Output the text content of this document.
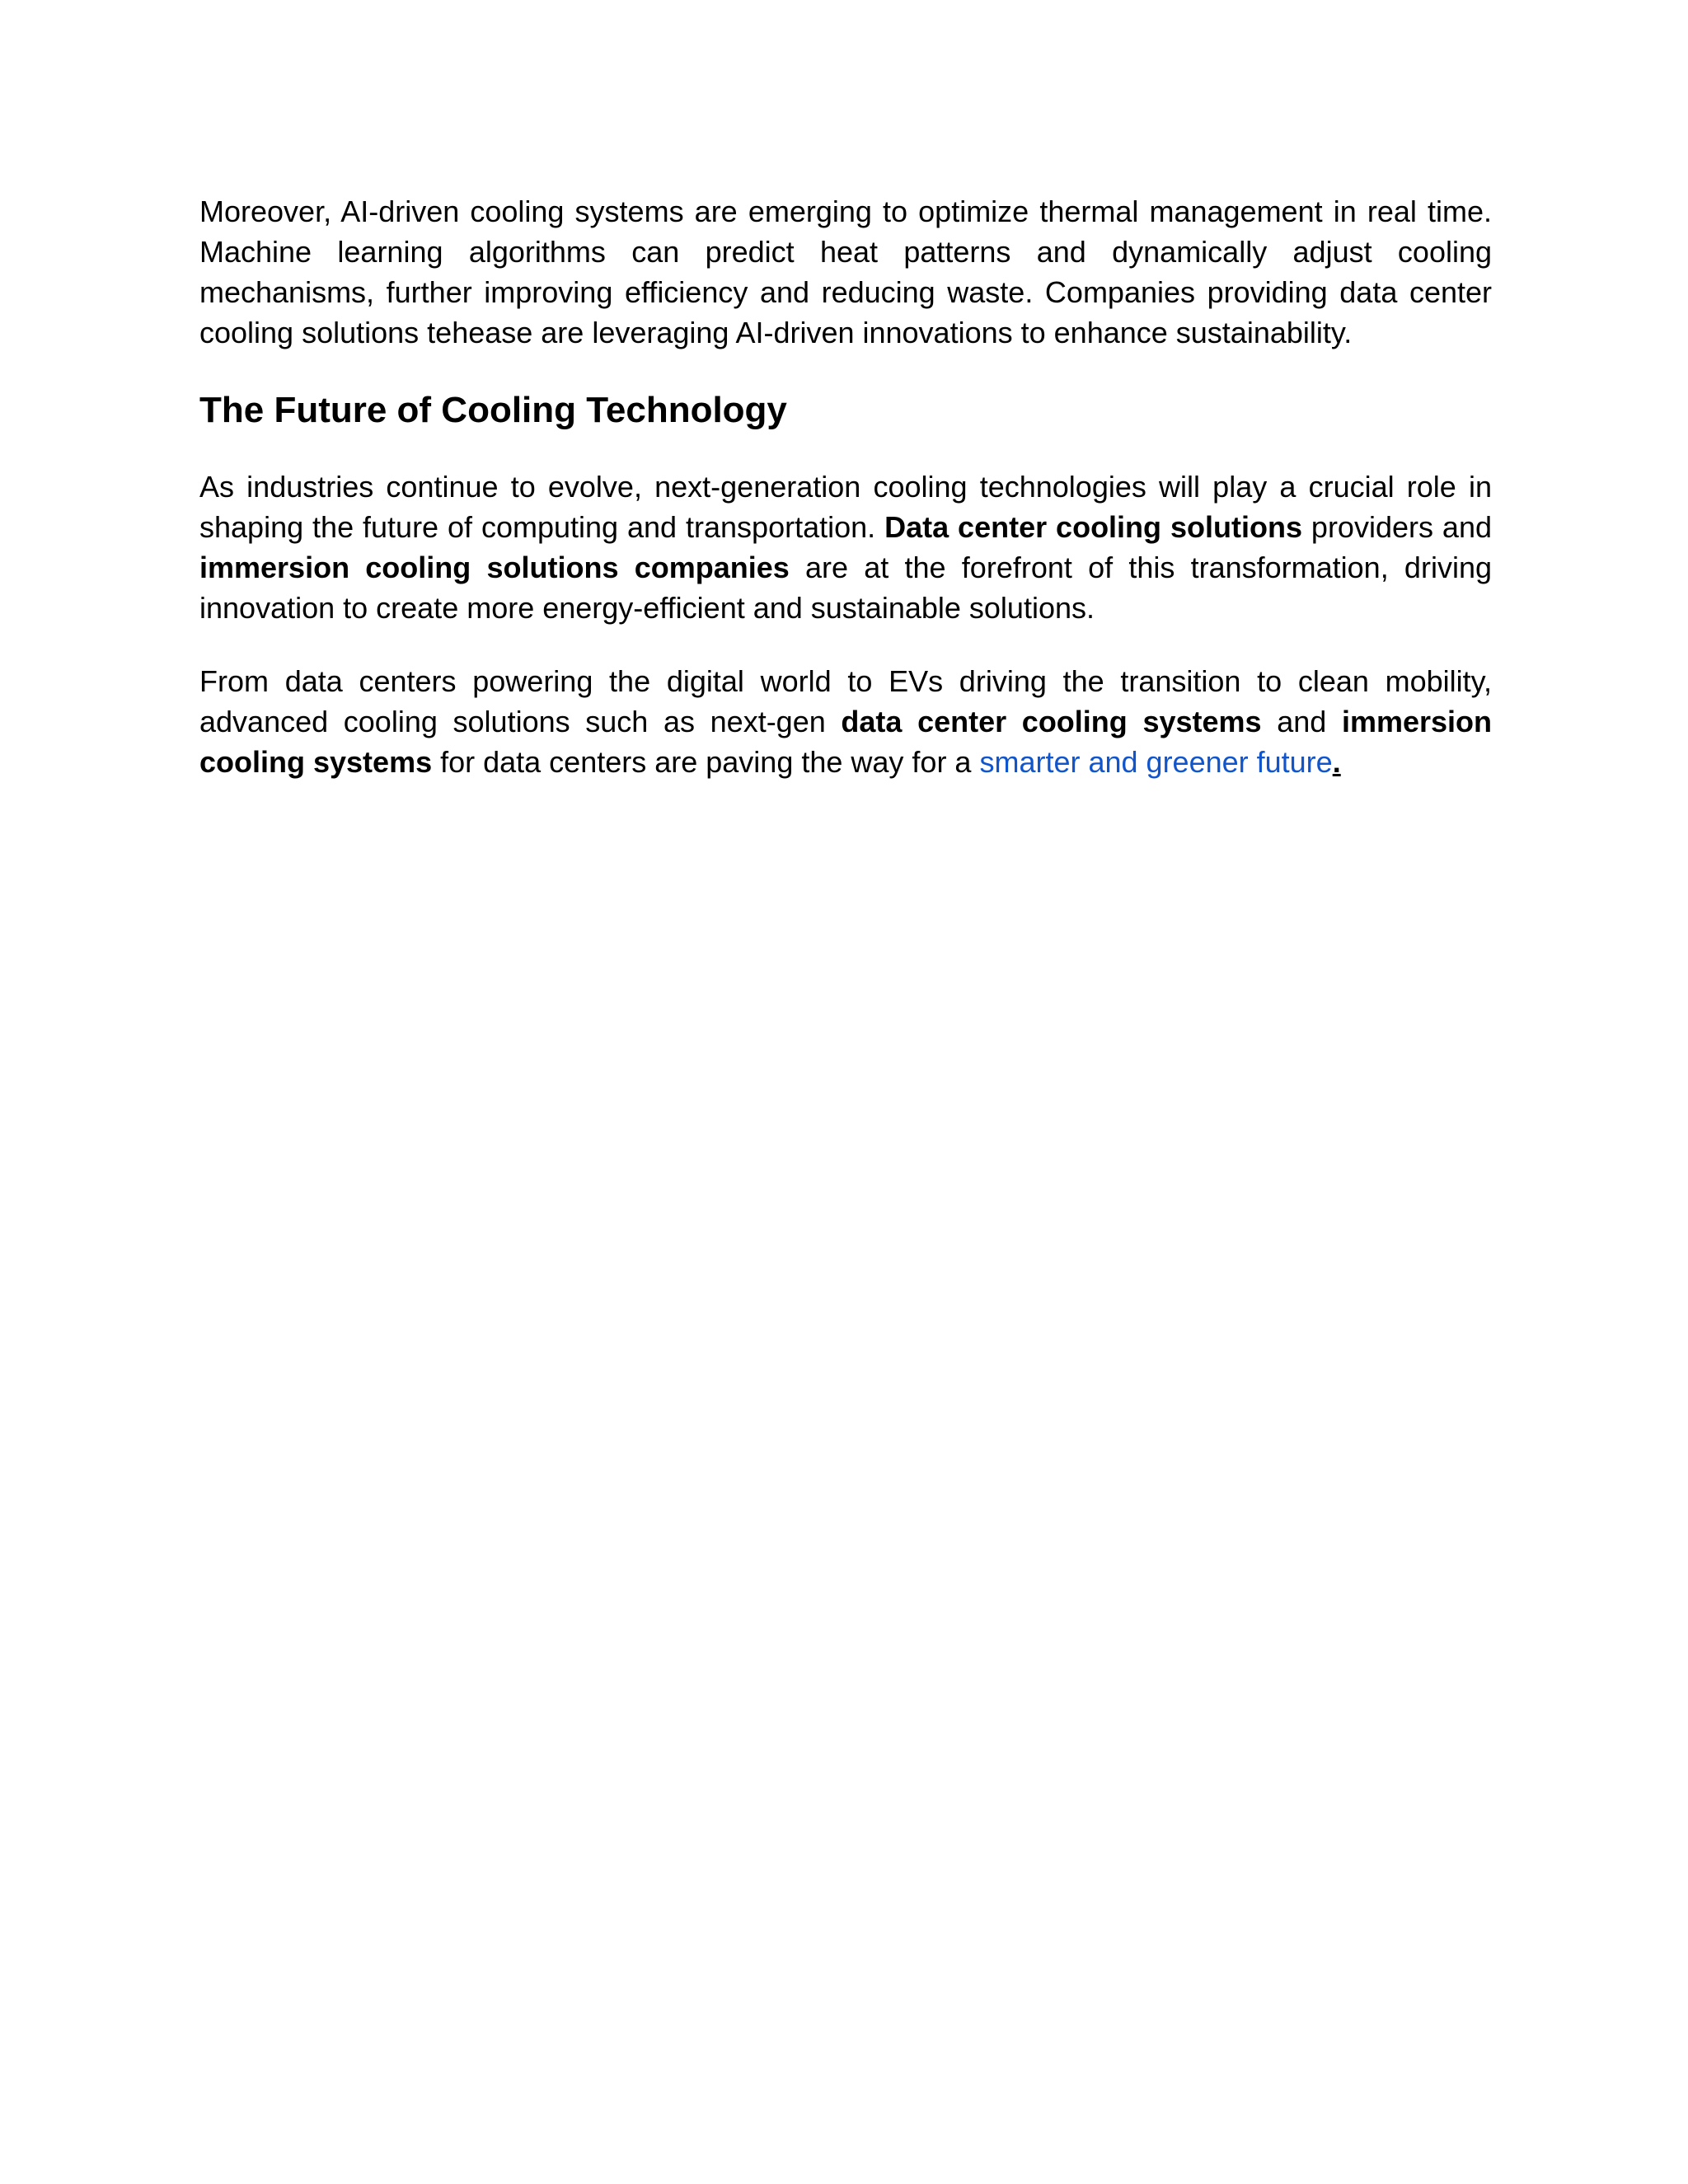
Moreover, AI-driven cooling systems are emerging to optimize thermal management in real time. Machine learning algorithms can predict heat patterns and dynamically adjust cooling mechanisms, further improving efficiency and reducing waste. Companies providing data center cooling solutions tehease are leveraging AI-driven innovations to enhance sustainability.

The Future of Cooling Technology

As industries continue to evolve, next-generation cooling technologies will play a crucial role in shaping the future of computing and transportation. Data center cooling solutions providers and immersion cooling solutions companies are at the forefront of this transformation, driving innovation to create more energy-efficient and sustainable solutions.

From data centers powering the digital world to EVs driving the transition to clean mobility, advanced cooling solutions such as next-gen data center cooling systems and immersion cooling systems for data centers are paving the way for a smarter and greener future.
